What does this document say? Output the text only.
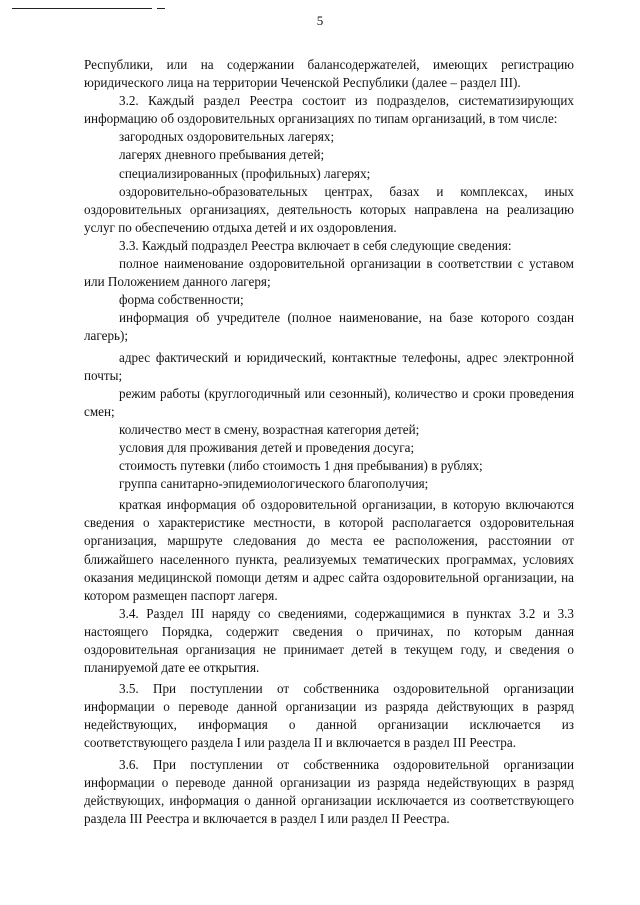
5

Республики, или на содержании балансодержателей, имеющих регистрацию юридического лица на территории Чеченской Республики (далее – раздел III).

3.2. Каждый раздел Реестра состоит из подразделов, систематизирующих информацию об оздоровительных организациях по типам организаций, в том числе:

загородных оздоровительных лагерях;

лагерях дневного пребывания детей;

специализированных (профильных) лагерях;

оздоровительно-образовательных центрах, базах и комплексах, иных оздоровительных организациях, деятельность которых направлена на реализацию услуг по обеспечению отдыха детей и их оздоровления.

3.3. Каждый подраздел Реестра включает в себя следующие сведения:

полное наименование оздоровительной организации в соответствии с уставом или Положением данного лагеря;

форма собственности;

информация об учредителе (полное наименование, на базе которого создан лагерь);

адрес фактический и юридический, контактные телефоны, адрес электронной почты;

режим работы (круглогодичный или сезонный), количество и сроки проведения смен;

количество мест в смену, возрастная категория детей;

условия для проживания детей и проведения досуга;

стоимость путевки (либо стоимость 1 дня пребывания) в рублях;

группа санитарно-эпидемиологического благополучия;

краткая информация об оздоровительной организации, в которую включаются сведения о характеристике местности, в которой располагается оздоровительная организация, маршруте следования до места ее расположения, расстоянии от ближайшего населенного пункта, реализуемых тематических программах, условиях оказания медицинской помощи детям и адрес сайта оздоровительной организации, на котором размещен паспорт лагеря.

3.4. Раздел III наряду со сведениями, содержащимися в пунктах 3.2 и 3.3 настоящего Порядка, содержит сведения о причинах, по которым данная оздоровительная организация не принимает детей в текущем году, и сведения о планируемой дате ее открытия.

3.5. При поступлении от собственника оздоровительной организации информации о переводе данной организации из разряда действующих в разряд недействующих, информация о данной организации исключается из соответствующего раздела I или раздела II и включается в раздел III Реестра.

3.6. При поступлении от собственника оздоровительной организации информации о переводе данной организации из разряда недействующих в разряд действующих, информация о данной организации исключается из соответствующего раздела III Реестра и включается в раздел I или раздел II Реестра.
